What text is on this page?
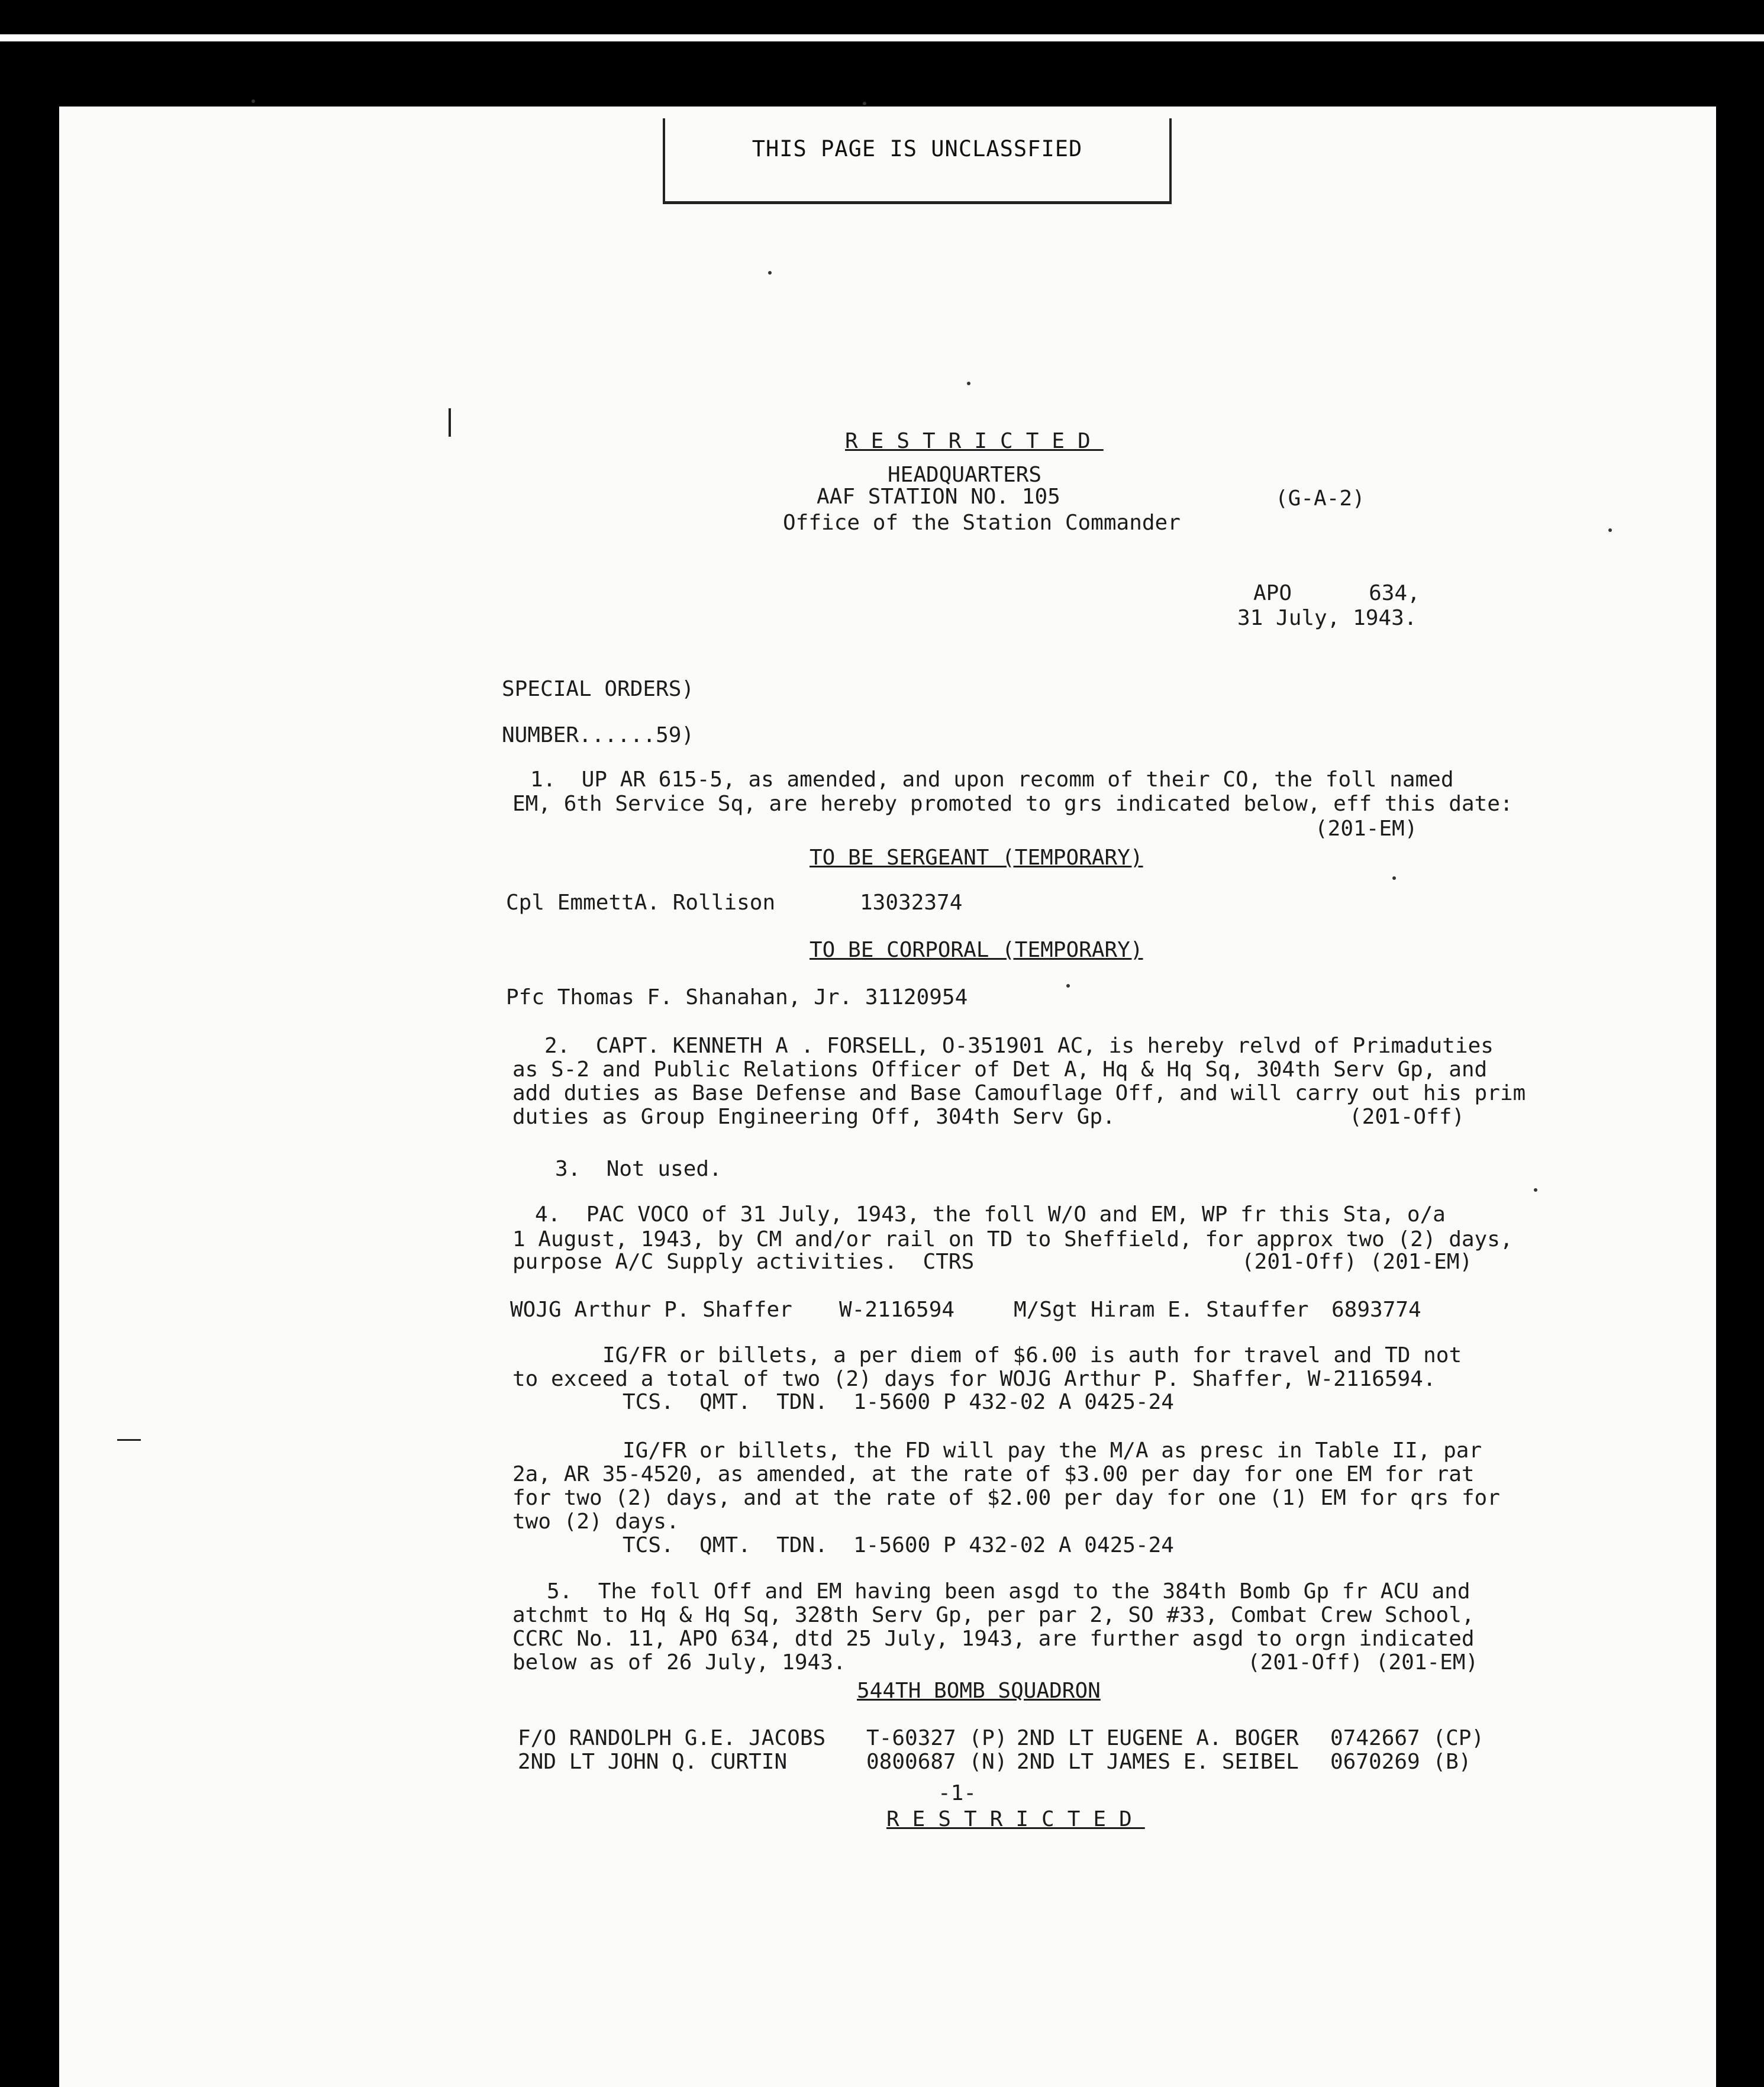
THIS PAGE IS UNCLASSFIED
RESTRICTED
HEADQUARTERS
AAF STATION NO. 105
Office of the Station Commander
(G-A-2)
APO      634,
31 July, 1943.
SPECIAL ORDERS)
NUMBER......59)
1.  UP AR 615-5, as amended, and upon recomm of their CO, the foll named
EM, 6th Service Sq, are hereby promoted to grs indicated below, eff this date:
(201-EM)
TO BE SERGEANT (TEMPORARY)
Cpl EmmettA. Rollison	13032374
TO BE CORPORAL (TEMPORARY)
Pfc Thomas F. Shanahan, Jr. 31120954
2.  CAPT. KENNETH A . FORSELL, O-351901 AC, is hereby relvd of Primaduties
as S-2 and Public Relations Officer of Det A, Hq & Hq Sq, 304th Serv Gp, and
add duties as Base Defense and Base Camouflage Off, and will carry out his prim
duties as Group Engineering Off, 304th Serv Gp.	(201-Off)
3.  Not used.
4.  PAC VOCO of 31 July, 1943, the foll W/O and EM, WP fr this Sta, o/a
1 August, 1943, by CM and/or rail on TD to Sheffield, for approx two (2) days,
purpose A/C Supply activities.  CTRS	(201-Off) (201-EM)
WOJG Arthur P. Shaffer W-2116594	M/Sgt Hiram E. Stauffer 6893774
IG/FR or billets, a per diem of $6.00 is auth for travel and TD not
to exceed a total of two (2) days for WOJG Arthur P. Shaffer, W-2116594.
TCS.  QMT.  TDN.  1-5600 P 432-02 A 0425-24
IG/FR or billets, the FD will pay the M/A as presc in Table II, par
2a, AR 35-4520, as amended, at the rate of $3.00 per day for one EM for rat
for two (2) days, and at the rate of $2.00 per day for one (1) EM for qrs for
two (2) days.
TCS.  QMT.  TDN.  1-5600 P 432-02 A 0425-24
5.  The foll Off and EM having been asgd to the 384th Bomb Gp fr ACU and
atchmt to Hq & Hq Sq, 328th Serv Gp, per par 2, SO #33, Combat Crew School,
CCRC No. 11, APO 634, dtd 25 July, 1943, are further asgd to orgn indicated
below as of 26 July, 1943.	(201-Off) (201-EM)
544TH BOMB SQUADRON
F/O RANDOLPH G.E. JACOBS T-60327 (P) 2ND LT EUGENE A. BOGER 0742667 (CP)
2ND LT JOHN Q. CURTIN	0800687 (N) 2ND LT JAMES E. SEIBEL 0670269 (B)
-1-
RESTRICTED
